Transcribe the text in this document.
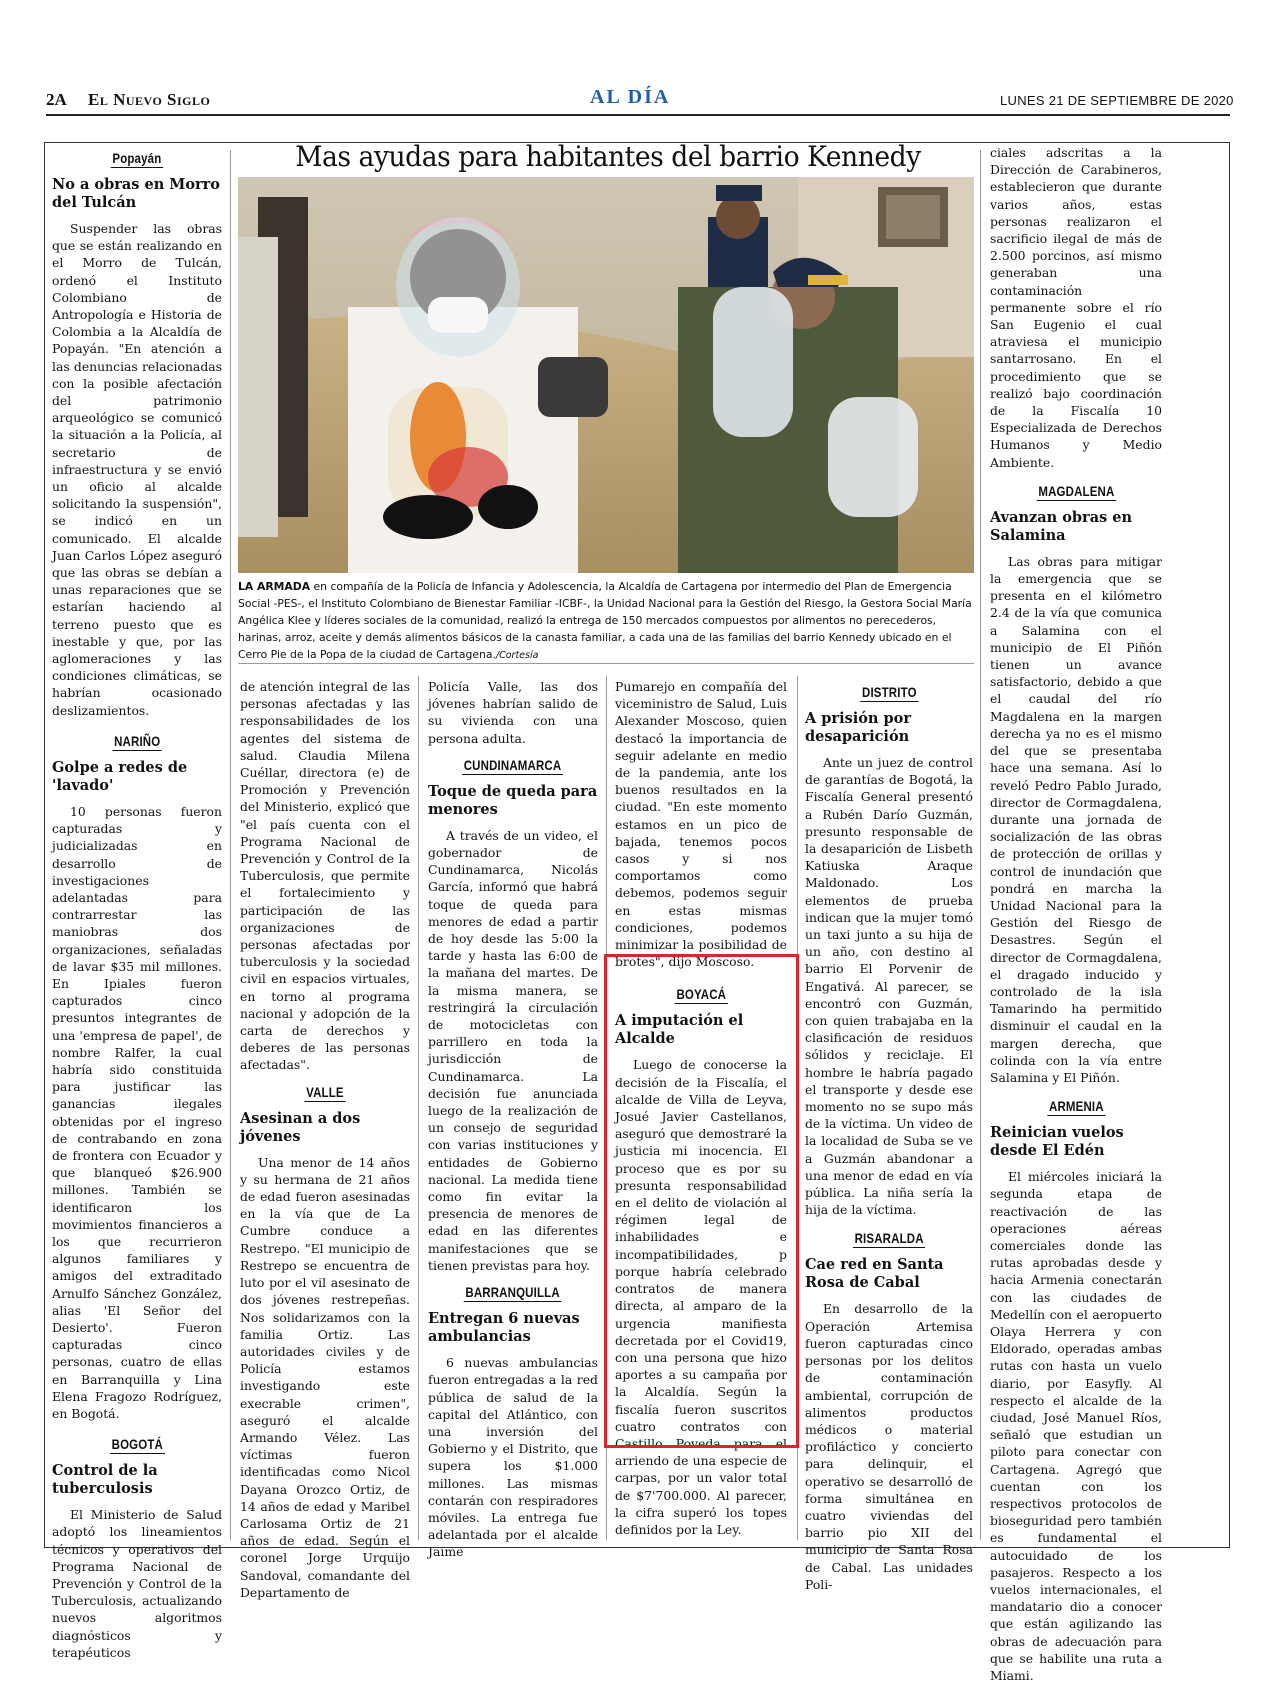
2A El Nuevo Siglo	AL DÍA	LUNES 21 DE SEPTIEMBRE DE 2020
Mas ayudas para habitantes del barrio Kennedy
LA ARMADA en compañía de la Policía de Infancia y Adolescencia, la Alcaldía de Cartagena por intermedio del Plan de Emergencia Social -PES-, el Instituto Colombiano de Bienestar Familiar -ICBF-, la Unidad Nacional para la Gestión del Riesgo, la Gestora Social María Angélica Klee y líderes sociales de la comunidad, realizó la entrega de 150 mercados compuestos por alimentos no perecederos, harinas, arroz, aceite y demás alimentos básicos de la canasta familiar, a cada una de las familias del barrio Kennedy ubicado en el Cerro Pie de la Popa de la ciudad de Cartagena./Cortesía
Popayán
No a obras en Morro del Tulcán

Suspender las obras que se están realizando en el Morro de Tulcán, ordenó el Instituto Colombiano de Antropología e Historia de Colombia a la Alcaldía de Popayán. "En atención a las denuncias relacionadas con la posible afectación del patrimonio arqueológico se comunicó la situación a la Policía, al secretario de infraestructura y se envió un oficio al alcalde solicitando la suspensión", se indicó en un comunicado. El alcalde Juan Carlos López aseguró que las obras se debían a unas reparaciones que se estarían haciendo al terreno puesto que es inestable y que, por las aglomeraciones y las condiciones climáticas, se habrían ocasionado deslizamientos.

NARIÑO
Golpe a redes de 'lavado'

10 personas fueron capturadas y judicializadas en desarrollo de investigaciones adelantadas para contrarrestar las maniobras dos organizaciones, señaladas de lavar $35 mil millones. En Ipiales fueron capturados cinco presuntos integrantes de una 'empresa de papel', de nombre Ralfer, la cual habría sido constituida para justificar las ganancias ilegales obtenidas por el ingreso de contrabando en zona de frontera con Ecuador y que blanqueó $26.900 millones. También se identificaron los movimientos financieros a los que recurrieron algunos familiares y amigos del extraditado Arnulfo Sánchez González, alias 'El Señor del Desierto'. Fueron capturadas cinco personas, cuatro de ellas en Barranquilla y Lina Elena Fragozo Rodríguez, en Bogotá.

BOGOTÁ
Control de la tuberculosis

El Ministerio de Salud adoptó los lineamientos técnicos y operativos del Programa Nacional de Prevención y Control de la Tuberculosis, actualizando nuevos algoritmos diagnósticos y terapéuticos

de atención integral de las personas afectadas y las responsabilidades de los agentes del sistema de salud. Claudia Milena Cuéllar, directora (e) de Promoción y Prevención del Ministerio, explicó que "el país cuenta con el Programa Nacional de Prevención y Control de la Tuberculosis, que permite el fortalecimiento y participación de las organizaciones de personas afectadas por tuberculosis y la sociedad civil en espacios virtuales, en torno al programa nacional y adopción de la carta de derechos y deberes de las personas afectadas".

VALLE
Asesinan a dos jóvenes

Una menor de 14 años y su hermana de 21 años de edad fueron asesinadas en la vía que de La Cumbre conduce a Restrepo. "El municipio de Restrepo se encuentra de luto por el vil asesinato de dos jóvenes restrepeñas. Nos solidarizamos con la familia Ortiz. Las autoridades civiles y de Policía estamos investigando este execrable crimen", aseguró el alcalde Armando Vélez. Las víctimas fueron identificadas como Nicol Dayana Orozco Ortiz, de 14 años de edad y Maribel Carlosama Ortiz de 21 años de edad. Según el coronel Jorge Urquijo Sandoval, comandante del Departamento de

Policía Valle, las dos jóvenes habrían salido de su vivienda con una persona adulta.

CUNDINAMARCA
Toque de queda para menores

A través de un video, el gobernador de Cundinamarca, Nicolás García, informó que habrá toque de queda para menores de edad a partir de hoy desde las 5:00 la tarde y hasta las 6:00 de la mañana del martes. De la misma manera, se restringirá la circulación de motocicletas con parrillero en toda la jurisdicción de Cundinamarca. La decisión fue anunciada luego de la realización de un consejo de seguridad con varias instituciones y entidades de Gobierno nacional. La medida tiene como fin evitar la presencia de menores de edad en las diferentes manifestaciones que se tienen previstas para hoy.

BARRANQUILLA
Entregan 6 nuevas ambulancias

6 nuevas ambulancias fueron entregadas a la red pública de salud de la capital del Atlántico, con una inversión del Gobierno y el Distrito, que supera los $1.000 millones. Las mismas contarán con respiradores móviles. La entrega fue adelantada por el alcalde Jaime

Pumarejo en compañía del viceministro de Salud, Luis Alexander Moscoso, quien destacó la importancia de seguir adelante en medio de la pandemia, ante los buenos resultados en la ciudad. "En este momento estamos en un pico de bajada, tenemos pocos casos y si nos comportamos como debemos, podemos seguir en estas mismas condiciones, podemos minimizar la posibilidad de brotes", dijo Moscoso.

BOYACÁ
A imputación el Alcalde

Luego de conocerse la decisión de la Fiscalía, el alcalde de Villa de Leyva, Josué Javier Castellanos, aseguró que demostraré la justicia mi inocencia. El proceso que es por su presunta responsabilidad en el delito de violación al régimen legal de inhabilidades e incompatibilidades, p porque habría celebrado contratos de manera directa, al amparo de la urgencia manifiesta decretada por el Covid19, con una persona que hizo aportes a su campaña por la Alcaldía. Según la fiscalía fueron suscritos cuatro contratos con Castillo Poveda para el arriendo de una especie de carpas, por un valor total de $7'700.000. Al parecer, la cifra superó los topes definidos por la Ley.

DISTRITO
A prisión por desaparición

Ante un juez de control de garantías de Bogotá, la Fiscalía General presentó a Rubén Darío Guzmán, presunto responsable de la desaparición de Lisbeth Katiuska Araque Maldonado. Los elementos de prueba indican que la mujer tomó un taxi junto a su hija de un año, con destino al barrio El Porvenir de Engativá. Al parecer, se encontró con Guzmán, con quien trabajaba en la clasificación de residuos sólidos y reciclaje. El hombre le habría pagado el transporte y desde ese momento no se supo más de la víctima. Un video de la localidad de Suba se ve a Guzmán abandonar a una menor de edad en vía pública. La niña sería la hija de la víctima.

RISARALDA
Cae red en Santa Rosa de Cabal

En desarrollo de la Operación Artemisa fueron capturadas cinco personas por los delitos de contaminación ambiental, corrupción de alimentos productos médicos o material profiláctico y concierto para delinquir, el operativo se desarrolló de forma simultánea en cuatro viviendas del barrio pio XII del municipio de Santa Rosa de Cabal. Las unidades Poli-

ciales adscritas a la Dirección de Carabineros, establecieron que durante varios años, estas personas realizaron el sacrificio ilegal de más de 2.500 porcinos, así mismo generaban una contaminación permanente sobre el río San Eugenio el cual atraviesa el municipio santarrosano. En el procedimiento que se realizó bajo coordinación de la Fiscalía 10 Especializada de Derechos Humanos y Medio Ambiente.

MAGDALENA
Avanzan obras en Salamina

Las obras para mitigar la emergencia que se presenta en el kilómetro 2.4 de la vía que comunica a Salamina con el municipio de El Piñón tienen un avance satisfactorio, debido a que el caudal del río Magdalena en la margen derecha ya no es el mismo del que se presentaba hace una semana. Así lo reveló Pedro Pablo Jurado, director de Cormagdalena, durante una jornada de socialización de las obras de protección de orillas y control de inundación que pondrá en marcha la Unidad Nacional para la Gestión del Riesgo de Desastres. Según el director de Cormagdalena, el dragado inducido y controlado de la isla Tamarindo ha permitido disminuir el caudal en la margen derecha, que colinda con la vía entre Salamina y El Piñón.

ARMENIA
Reinician vuelos desde El Edén

El miércoles iniciará la segunda etapa de reactivación de las operaciones aéreas comerciales donde las rutas aprobadas desde y hacia Armenia conectarán con las ciudades de Medellín con el aeropuerto Olaya Herrera y con Eldorado, operadas ambas rutas con hasta un vuelo diario, por Easyfly. Al respecto el alcalde de la ciudad, José Manuel Ríos, señaló que estudian un piloto para conectar con Cartagena. Agregó que cuentan con los respectivos protocolos de bioseguridad pero también es fundamental el autocuidado de los pasajeros. Respecto a los vuelos internacionales, el mandatario dio a conocer que están agilizando las obras de adecuación para que se habilite una ruta a Miami.
